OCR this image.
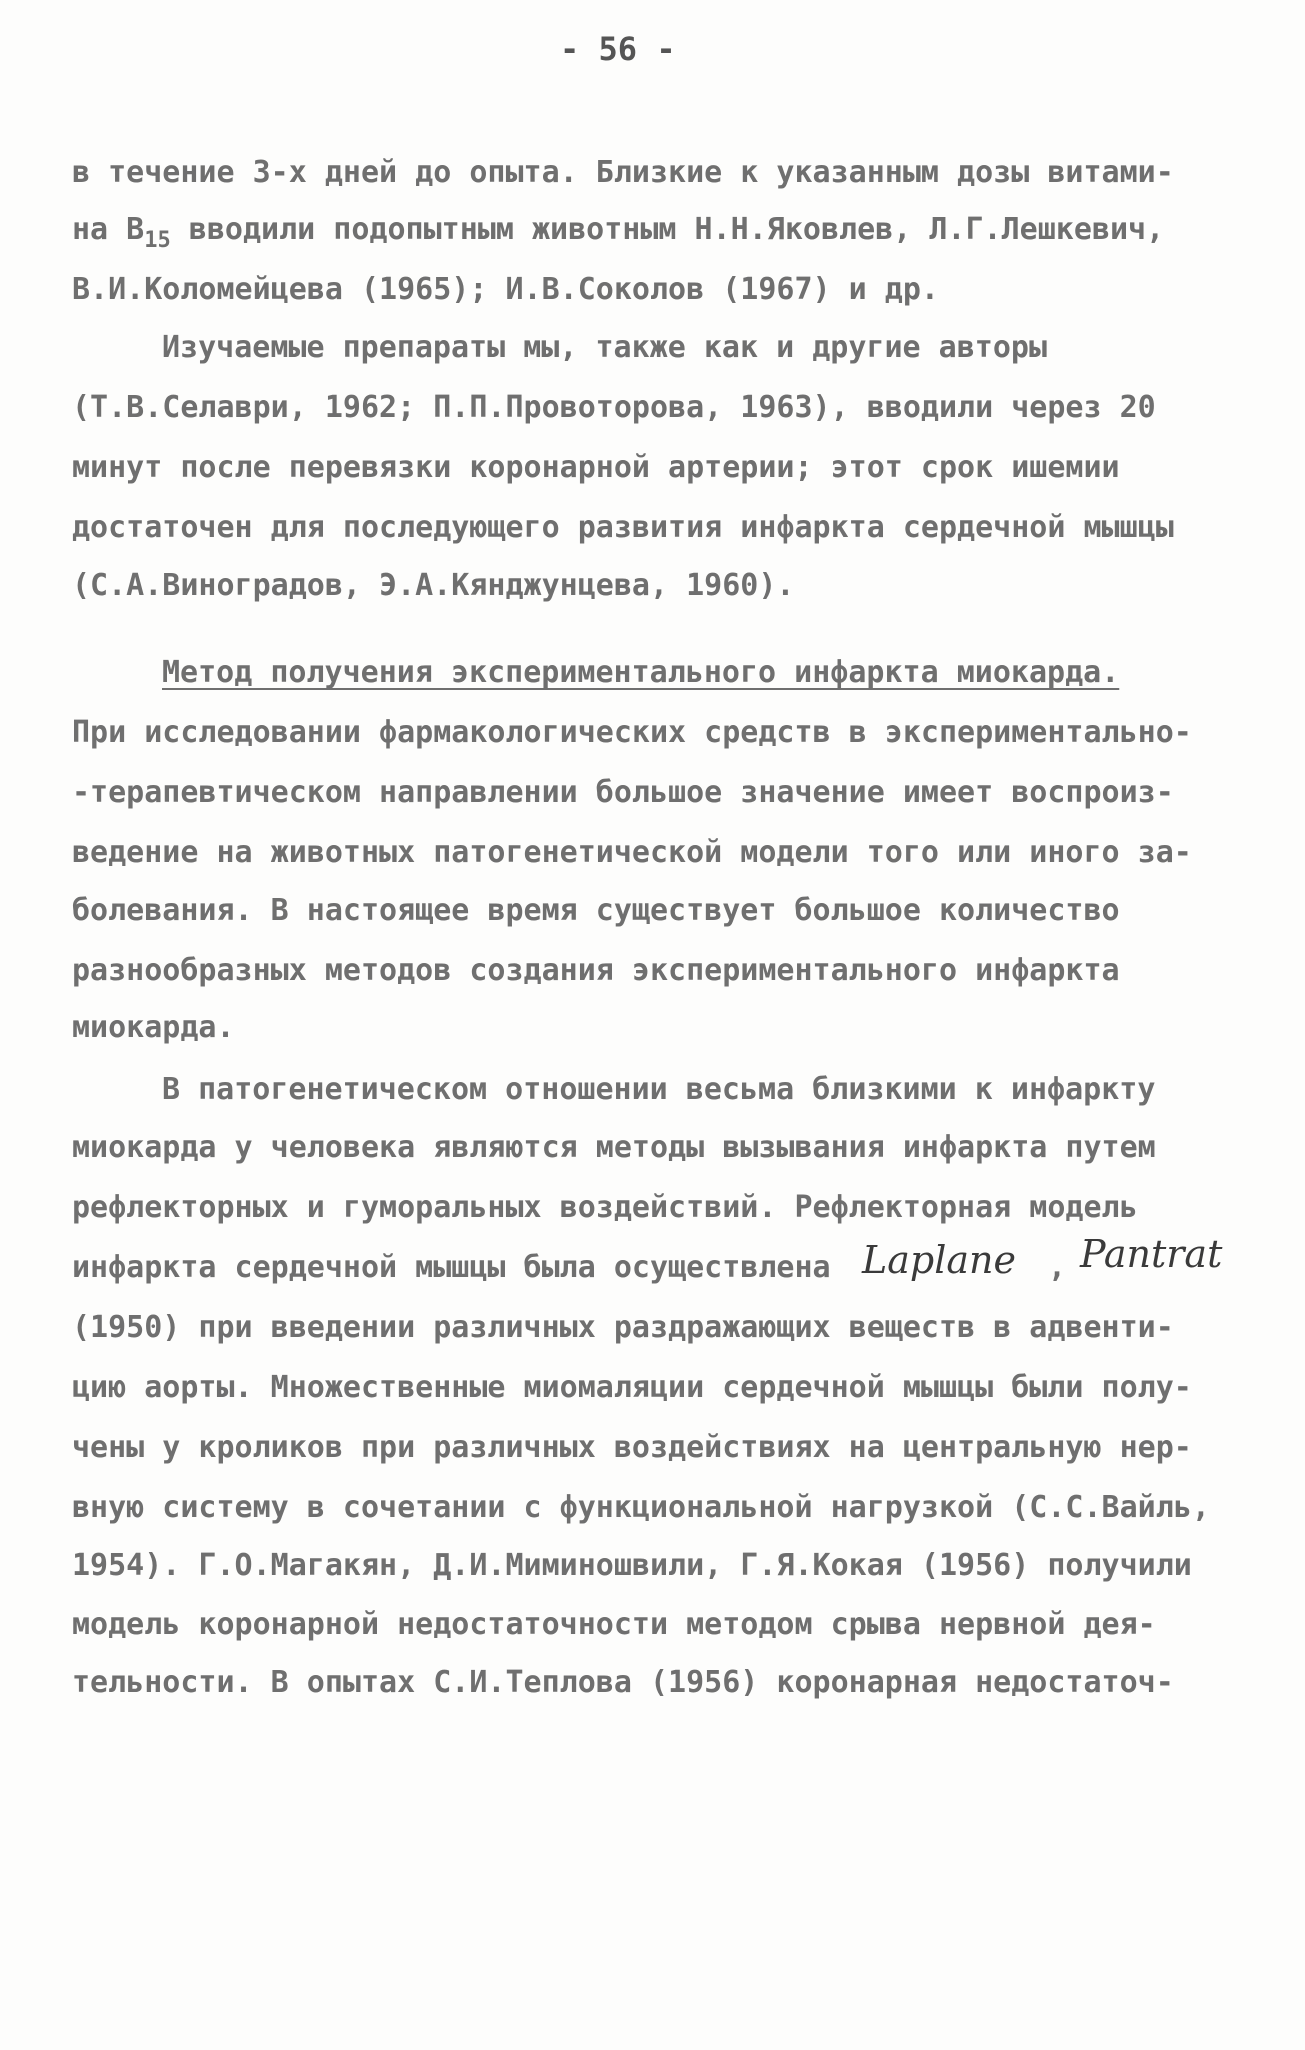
- 56 -
в течение 3-х дней до опыта. Близкие к указанным дозы витами-
на $В_{15}$ вводили подопытным животным Н.Н.Яковлев, Л.Г.Лешкевич,
В.И.Коломейцева (1965); И.В.Соколов (1967) и др.
Изучаемые препараты мы, также как и другие авторы
(Т.В.Селаври, 1962; П.П.Провоторова, 1963), вводили через 20
минут после перевязки коронарной артерии; этот срок ишемии
достаточен для последующего развития инфаркта сердечной мышцы
(С.А.Виноградов, Э.А.Кянджунцева, 1960).
Метод получения экспериментального инфаркта миокарда.
При исследовании фармакологических средств в экспериментально-
-терапевтическом направлении большое значение имеет воспроиз-
ведение на животных патогенетической модели того или иного за-
болевания. В настоящее время существует большое количество
разнообразных методов создания экспериментального инфаркта
миокарда.
В патогенетическом отношении весьма близкими к инфаркту
миокарда у человека являются методы вызывания инфаркта путем
рефлекторных и гуморальных воздействий. Рефлекторная модель
инфаркта сердечной мышцы была осуществлена Laplane , Pantrat
(1950) при введении различных раздражающих веществ в адвенти-
цию аорты. Множественные миомаляции сердечной мышцы были полу-
чены у кроликов при различных воздействиях на центральную нер-
вную систему в сочетании с функциональной нагрузкой (С.С.Вайль,
1954). Г.О.Магакян, Д.И.Миминошвили, Г.Я.Кокая (1956) получили
модель коронарной недостаточности методом срыва нервной дея-
тельности. В опытах С.И.Теплова (1956) коронарная недостаточ-
